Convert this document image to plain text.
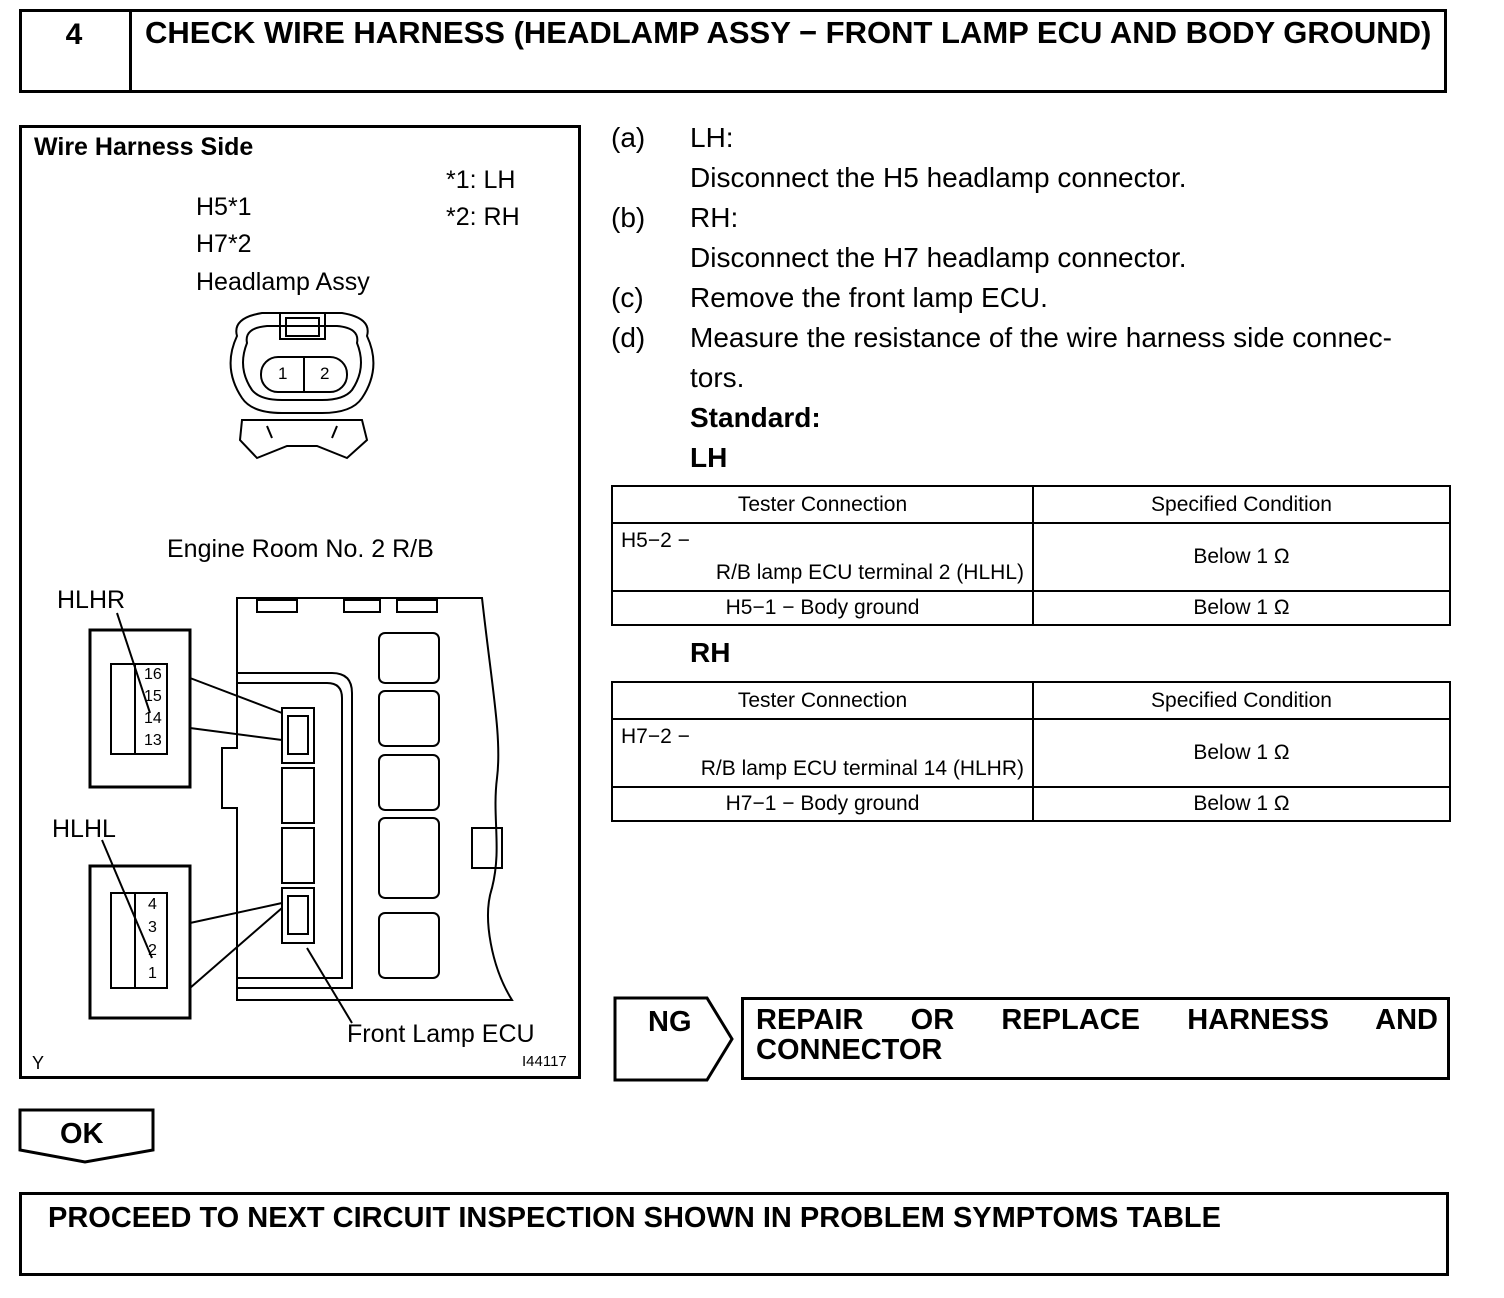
4	CHECK WIRE HARNESS (HEADLAMP ASSY − FRONT LAMP ECU AND BODY GROUND)
Wire Harness Side
*1: LH
*2: RH
H5*1
H7*2
Headlamp Assy
1 2
Engine Room No. 2 R/B
HLHR
HLHL
16
15
14
13
4
3
2
1
Front Lamp ECU
Y	I44117
(a) LH:
Disconnect the H5 headlamp connector.
(b) RH:
Disconnect the H7 headlamp connector.
(c) Remove the front lamp ECU.
(d) Measure the resistance of the wire harness side connec-
tors.
Standard:
LH
Tester Connection	Specified Condition

H5−2 −
R/B lamp ECU terminal 2 (HLHL)	Below 1 Ω
H5−1 − Body ground	Below 1 Ω
RH
Tester Connection	Specified Condition

H7−2 −
R/B lamp ECU terminal 14 (HLHR)	Below 1 Ω
H7−1 − Body ground	Below 1 Ω
NG REPAIR OR REPLACE HARNESS AND
CONNECTOR
OK
PROCEED TO NEXT CIRCUIT INSPECTION SHOWN IN PROBLEM SYMPTOMS TABLE
